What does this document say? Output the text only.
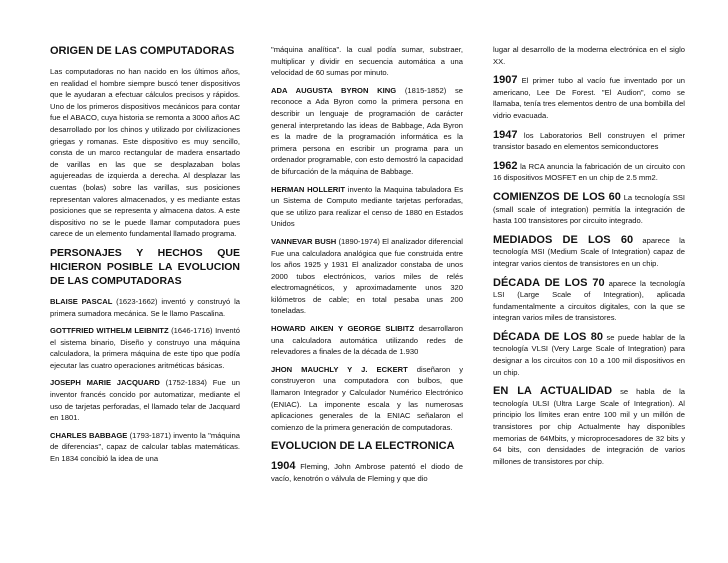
ORIGEN DE LAS COMPUTADORAS

Las computadoras no han nacido en los últimos años, en realidad el hombre siempre buscó tener dispositivos que le ayudaran a efectuar cálculos precisos y rápidos. Uno de los primeros dispositivos mecánicos para contar fue el ABACO, cuya historia se remonta a 3000 años AC desarrollado por los chinos y utilizado por civilizaciones griegas y romanas. Este dispositivo es muy sencillo, consta de un marco rectangular de madera ensartado de varillas en las que se desplazaban bolas agujereadas de izquierda a derecha. Al desplazar las cuentas (bolas) sobre las varillas, sus posiciones representan valores almacenados, y es mediante estas posiciones que se representa y almacena datos. A este dispositivo no se le puede llamar computadora pues carece de un elemento fundamental llamado programa.

PERSONAJES Y HECHOS QUE HICIERON POSIBLE LA EVOLUCION DE LAS COMPUTADORAS

BLAISE PASCAL (1623-1662) inventó y construyó la primera sumadora mecánica. Se le llamo Pascalina.

GOTTFRIED WITHELM LEIBNITZ (1646-1716) Inventó el sistema binario, Diseño y construyo una máquina calculadora, la primera máquina de este tipo que podía ejecutar las cuatro operaciones aritméticas básicas.

JOSEPH MARIE JACQUARD (1752-1834) Fue un inventor francés concido por automatizar, mediante el uso de tarjetas perforadas, el llamado telar de Jacquard en 1801.

CHARLES BABBAGE (1793-1871) invento la "máquina de diferencias", capaz de calcular tablas matemáticas. En 1834 concibió la idea de una

"máquina analítica". la cual podía sumar, substraer, multiplicar y dividir en secuencia automática a una velocidad de 60 sumas por minuto.

ADA AUGUSTA BYRON KING (1815-1852) se reconoce a Ada Byron como la primera persona en describir un lenguaje de programación de carácter general interpretando las ideas de Babbage, Ada Byron es la madre de la programación informática es la primera persona en escribir un programa para un ordenador programable, con esto demostró la capacidad de bifurcación de la máquina de Babbage.

HERMAN HOLLERIT invento la Maquina tabuladora Es un Sistema de Computo mediante tarjetas perforadas, que se utilizo para realizar el censo de 1880 en Estados Unidos

VANNEVAR BUSH (1890-1974) El analizador diferencial Fue una calculadora analógica que fue construida entre los años 1925 y 1931 El analizador constaba de unos 2000 tubos electrónicos, varios miles de relés electromagnéticos, y aproximadamente unos 320 kilómetros de cable; en total pesaba unas 200 toneladas.

HOWARD AIKEN Y GEORGE SLIBITZ desarrollaron una calculadora automática utilizando redes de relevadores a finales de la década de 1.930

JHON MAUCHLY Y J. ECKERT diseñaron y construyeron una computadora con bulbos, que llamaron Integrador y Calculador Numérico Electrónico (ENIAC). La imponente escala y las numerosas aplicaciones generales de la ENIAC señalaron el comienzo de la primera generación de computadoras.

EVOLUCION DE LA ELECTRONICA

1904 Fleming, John Ambrose patentó el diodo de vacío, kenotrón o válvula de Fleming y que dio

lugar al desarrollo de la moderna electrónica en el siglo XX.

1907 El primer tubo al vacío fue inventado por un americano, Lee De Forest. "El Audion", como se llamaba, tenía tres elementos dentro de una bombilla del vidrio evacuada.

1947 los Laboratorios Bell construyen el primer transistor basado en elementos semiconductores

1962 la RCA anuncia la fabricación de un circuito con 16 dispositivos MOSFET en un chip de 2.5 mm2.

COMIENZOS DE LOS 60 La tecnología SSI (small scale of integration) permitía la integración de hasta 100 transistores por circuito integrado.

MEDIADOS DE LOS 60 aparece la tecnología MSI (Medium Scale of Integration) capaz de integrar varios cientos de transistores en un chip.

DÉCADA DE LOS 70 aparece la tecnología LSI (Large Scale of Integration), aplicada fundamentalmente a circuitos digitales, con la que se integran varios miles de transistores.

DÉCADA DE LOS 80 se puede hablar de la tecnología VLSI (Very Large Scale of Integration) para designar a los circuitos con 10 a 100 mil dispositivos en un chip.

EN LA ACTUALIDAD se habla de la tecnología ULSI (Ultra Large Scale of Integration). Al principio los límites eran entre 100 mil y un millón de transistores por chip Actualmente hay disponibles memorias de 64Mbits, y microprocesadores de 32 bits y 64 bits, con densidades de integración de varios millones de transistores por chip.
